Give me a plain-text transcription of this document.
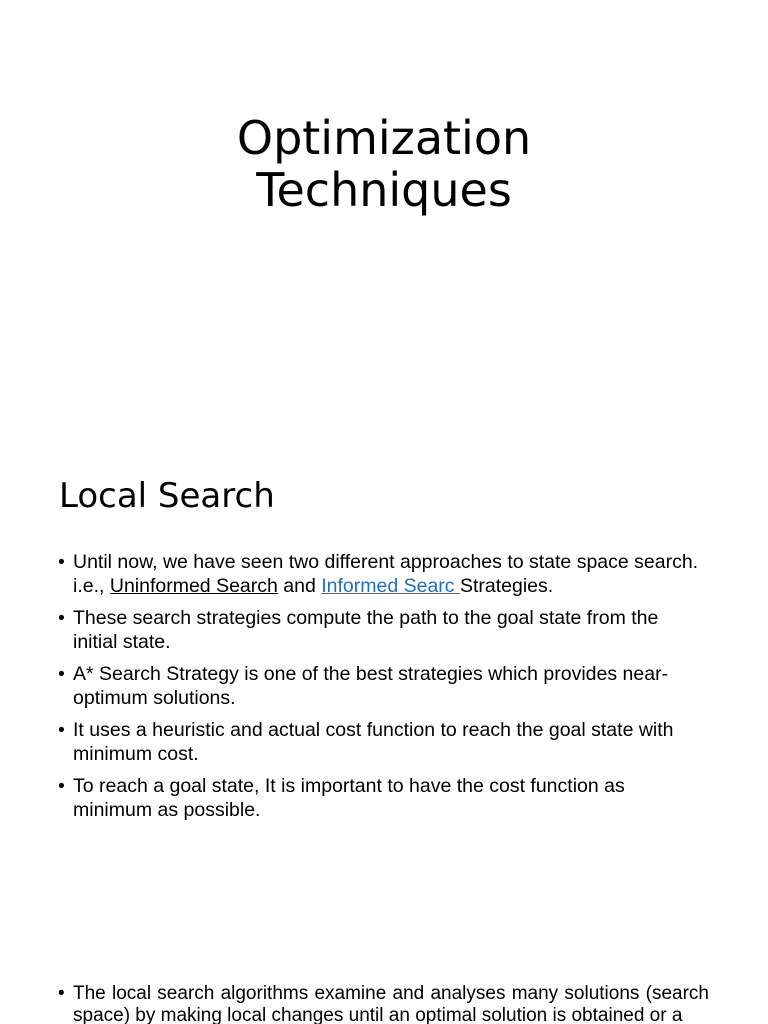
Optimization
Techniques
Local Search
• Until now, we have seen two different approaches to state space search. i.e., Uninformed Search and Informed Searc Strategies.
• These search strategies compute the path to the goal state from the initial state.
• A* Search Strategy is one of the best strategies which provides near-optimum solutions.
• It uses a heuristic and actual cost function to reach the goal state with minimum cost.
• To reach a goal state, It is important to have the cost function as minimum as possible.
• The local search algorithms examine and analyses many solutions (search space) by making local changes until an optimal solution is obtained or a
